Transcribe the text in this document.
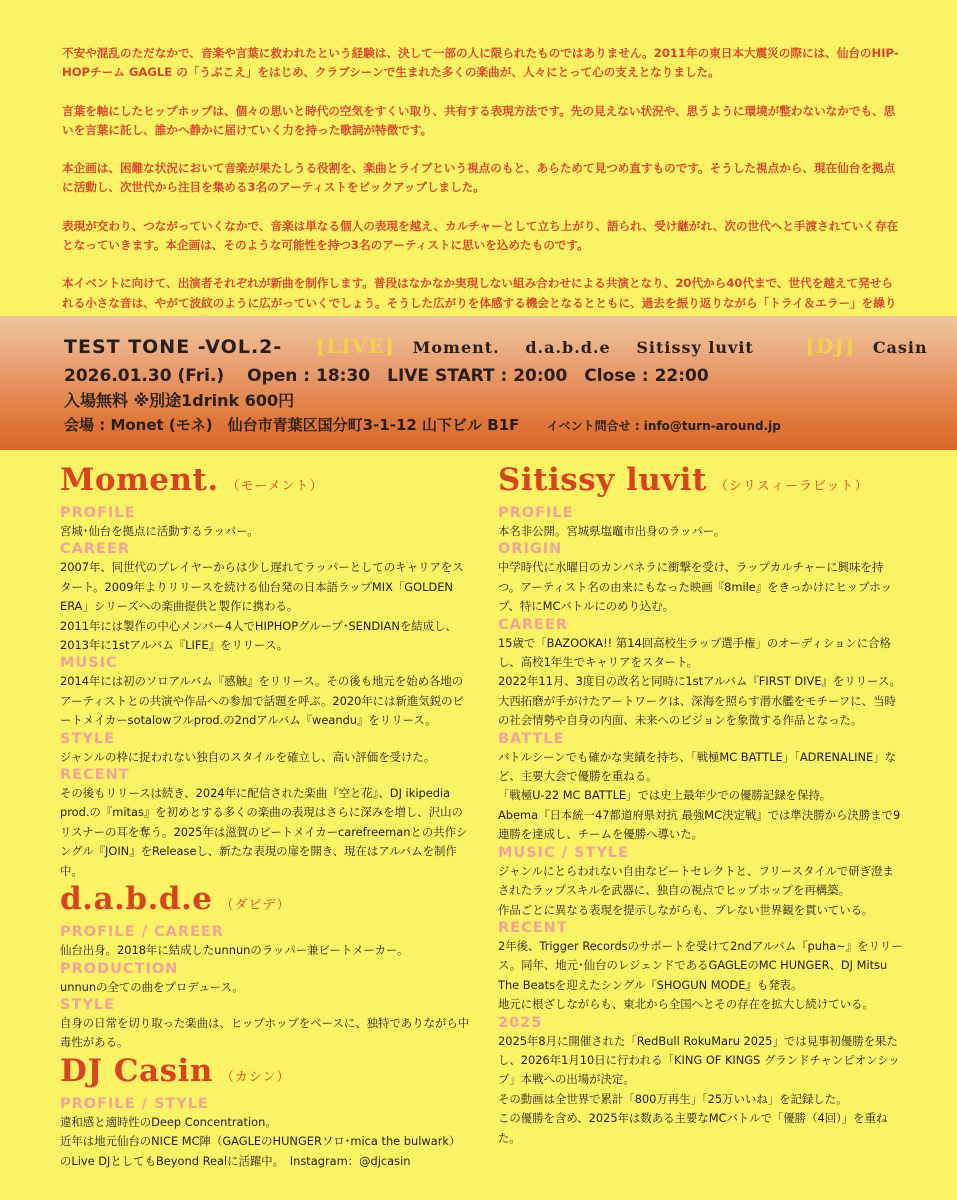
不安や混乱のただなかで、音楽や言葉に救われたという経験は、決して一部の人に限られたものではありません。2011年の東日本大震災の際には、仙台のHIP-HOPチーム GAGLE の「うぶこえ」をはじめ、クラブシーンで生まれた多くの楽曲が、人々にとって心の支えとなりました。

言葉を軸にしたヒップホップは、個々の思いと時代の空気をすくい取り、共有する表現方法です。先の見えない状況や、思うように環境が整わないなかでも、思いを言葉に託し、誰かへ静かに届けていく力を持った歌詞が特徴です。

本企画は、困難な状況において音楽が果たしうる役割を、楽曲とライブという視点のもと、あらためて見つめ直すものです。そうした視点から、現在仙台を拠点に活動し、次世代から注目を集める3名のアーティストをピックアップしました。

表現が交わり、つながっていくなかで、音楽は単なる個人の表現を越え、カルチャーとして立ち上がり、語られ、受け継がれ、次の世代へと手渡されていく存在となっていきます。本企画は、そのような可能性を持つ3名のアーティストに思いを込めたものです。

本イベントに向けて、出演者それぞれが新曲を制作します。普段はなかなか実現しない組み合わせによる共演となり、20代から40代まで、世代を越えて発せられる小さな音は、やがて波紋のように広がっていくでしょう。そうした広がりを体感する機会となるとともに、過去を振り返りながら「トライ＆エラー」を繰り

TEST TONE -VOL.2- [LIVE] Moment. d.a.b.d.e Sitissy luvit	[DJ] Casin
2026.01.30 (Fri.)　 Open : 18:30　LIVE START : 20:00　Close : 22:00
入場無料 ※別途1drink 600円
会場 : Monet (モネ)　仙台市青葉区国分町3-1-12 山下ビル B1F イベント問合せ : info@turn-around.jp
Moment. （モーメント）
PROFILE
宮城･仙台を拠点に活動するラッパー。
CAREER
2007年、同世代のプレイヤーからは少し遅れてラッパーとしてのキャリアをスタート。2009年よりリリースを続ける仙台発の日本語ラップMIX「GOLDEN ERA」シリーズへの楽曲提供と製作に携わる。
2011年には製作の中心メンバー4人でHIPHOPグループ･SENDIANを結成し、2013年に1stアルバム『LIFE』をリリース。
MUSIC
2014年には初のソロアルバム『感触』をリリース。その後も地元を始め各地のアーティストとの共演や作品への参加で話題を呼ぶ。2020年には新進気鋭のビートメイカーsotalowフルprod.の2ndアルバム『weandu』をリリース。
STYLE
ジャンルの枠に捉われない独自のスタイルを確立し、高い評価を受けた。
RECENT
その後もリリースは続き、2024年に配信された楽曲『空と花』、DJ ikipedia prod.の『mitas』を初めとする多くの楽曲の表現はさらに深みを増し、沢山のリスナーの耳を奪う。2025年は滋賀のビートメイカーcarefreemanとの共作シングル『JOIN』をReleaseし、新たな表現の扉を開き、現在はアルバムを制作中。
d.a.b.d.e （ダビデ）
PROFILE / CAREER
仙台出身。2018年に結成したunnunのラッパー兼ビートメーカー。
PRODUCTION
unnunの全ての曲をプロデュース。
STYLE
自身の日常を切り取った楽曲は、ヒップホップをベースに、独特でありながら中毒性がある。
DJ Casin （カシン）
PROFILE / STYLE
違和感と適時性のDeep Concentration。
近年は地元仙台のNICE MC陣（GAGLEのHUNGERソロ･mica the bulwark）のLive DJとしてもBeyond Realに活躍中。　Instagram：@djcasin
Sitissy luvit （シリスィーラビット）
PROFILE
本名非公開。宮城県塩竈市出身のラッパー。
ORIGIN
中学時代に水曜日のカンパネラに衝撃を受け、ラップカルチャーに興味を持つ。アーティスト名の由来にもなった映画『8mile』をきっかけにヒップホップ、特にMCバトルにのめり込む。
CAREER
15歳で「BAZOOKA!! 第14回高校生ラップ選手権」のオーディションに合格し、高校1年生でキャリアをスタート。
2022年11月、3度目の改名と同時に1stアルバム『FIRST DIVE』をリリース。
大西拓磨が手がけたアートワークは、深海を照らす潜水艦をモチーフに、当時の社会情勢や自身の内面、未来へのビジョンを象徴する作品となった。
BATTLE
バトルシーンでも確かな実績を持ち、「戦極MC BATTLE」「ADRENALINE」など、主要大会で優勝を重ねる。
「戦極U-22 MC BATTLE」では史上最年少での優勝記録を保持。
Abema『日本統一47都道府県対抗 最強MC決定戦』では準決勝から決勝まで9連勝を達成し、チームを優勝へ導いた。
MUSIC / STYLE
ジャンルにとらわれない自由なビートセレクトと、フリースタイルで研ぎ澄まされたラップスキルを武器に、独自の視点でヒップホップを再構築。
作品ごとに異なる表現を提示しながらも、ブレない世界観を貫いている。
RECENT
2年後、Trigger Recordsのサポートを受けて2ndアルバム『puha~』をリリース。同年、地元･仙台のレジェンドであるGAGLEのMC HUNGER、DJ Mitsu The Beatsを迎えたシングル『SHOGUN MODE』も発表。
地元に根ざしながらも、東北から全国へとその存在を拡大し続けている。
2025
2025年8月に開催された「RedBull RokuMaru 2025」では見事初優勝を果たし、2026年1月10日に行われる「KING OF KINGS グランドチャンピオンシップ」本戦への出場が決定。
その動画は全世界で累計「800万再生」「25万いいね」を記録した。
この優勝を含め、2025年は数ある主要なMCバトルで「優勝（4回）」を重ねた。
